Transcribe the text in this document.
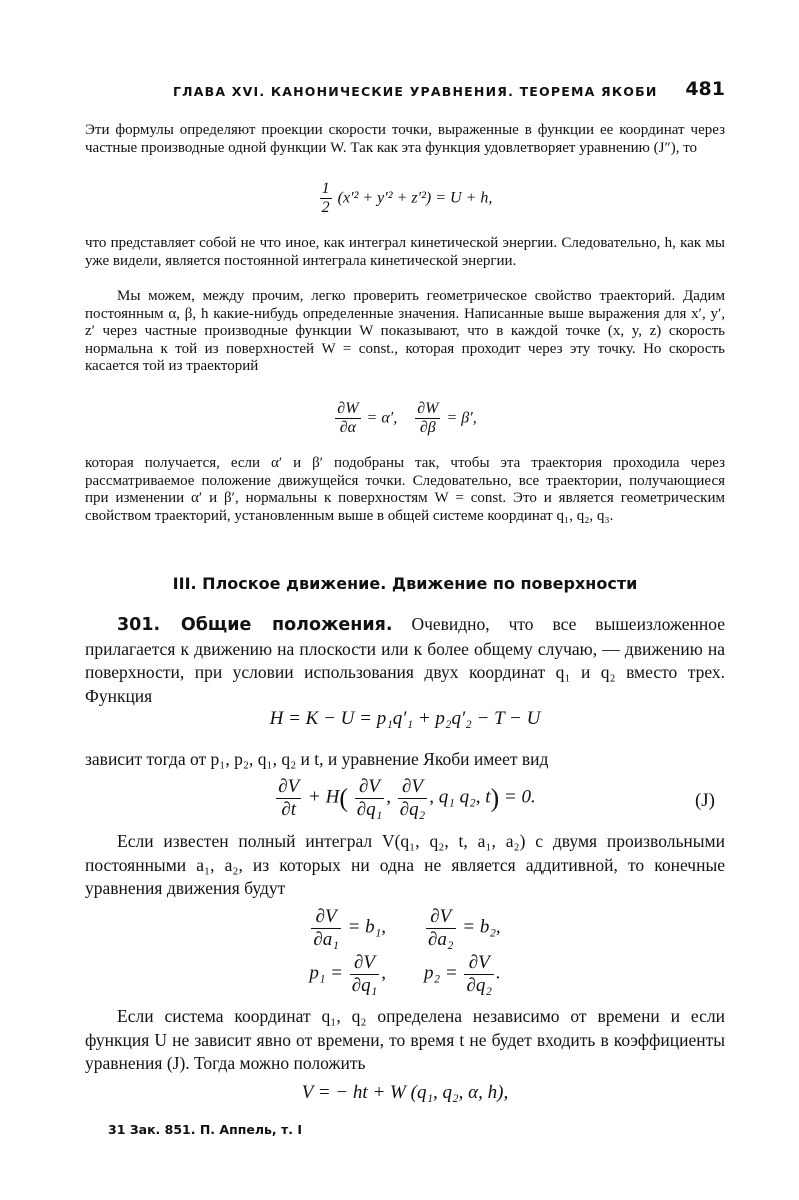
ГЛАВА XVI. КАНОНИЧЕСКИЕ УРАВНЕНИЯ. ТЕОРЕМА ЯКОБИ 481

Эти формулы определяют проекции скорости точки, выраженные в функции ее координат через частные производные одной функции W. Так как эта функция удовлетворяет уравнению (J″), то

$\frac{1}{2} (x'^2 + y'^2 + z'^2) = U + h$,

что представляет собой не что иное, как интеграл кинетической энергии. Следовательно, h, как мы уже видели, является постоянной интеграла кинетической энергии.

Мы можем, между прочим, легко проверить геометрическое свойство траекторий. Дадим постоянным α, β, h какие-нибудь определенные значения. Написанные выше выражения для x′, y′, z′ через частные производные функции W показывают, что в каждой точке (x, y, z) скорость нормальна к той из поверхностей W = const., которая проходит через эту точку. Но скорость касается той из траекторий

$\frac{\partial W}{\partial\alpha} = \alpha'$, $\frac{\partial W}{\partial\beta} = \beta'$,

которая получается, если α′ и β′ подобраны так, чтобы эта траектория проходила через рассматриваемое положение движущейся точки. Следовательно, все траектории, получающиеся при изменении α′ и β′, нормальны к поверхностям W = const. Это и является геометрическим свойством траекторий, установленным выше в общей системе координат q₁, q₂, q₃.

III. Плоское движение. Движение по поверхности

301. Общие положения. Очевидно, что все вышеизложенное прилагается к движению на плоскости или к более общему случаю, — движению на поверхности, при условии использования двух координат q₁ и q₂ вместо трех. Функция

H = K − U = p₁q′₁ + p₂q′₂ − T − U

зависит тогда от p₁, p₂, q₁, q₂ и t, и уравнение Якоби имеет вид

$\frac{\partial V}{\partial t} + H( \frac{\partial V}{\text{∂q₁}}$ , $\frac{\partial V}{\text{∂q₂}}$ , q₁ q₂, t) = 0.	(J)

Если известен полный интеграл V(q₁, q₂, t, a₁, a₂) с двумя произвольными постоянными a₁, a₂, из которых ни одна не является аддитивной, то конечные уравнения движения будут

$\frac{\partial V}{\text{∂a₁}} = b_1$, $\frac{\partial V}{\text{∂a₂}} = b_2$,
$p_1 = \frac{\partial V}{\text{∂q₁}}$ , $p_2 = \frac{\partial V}{\text{∂q₂}}$ .

Если система координат q₁, q₂ определена независимо от времени и если функция U не зависит явно от времени, то время t не будет входить в коэффициенты уравнения (J). Тогда можно положить

V = − ht + W (q₁, q₂, α, h),
31 Зак. 851. П. Аппель, т. I
